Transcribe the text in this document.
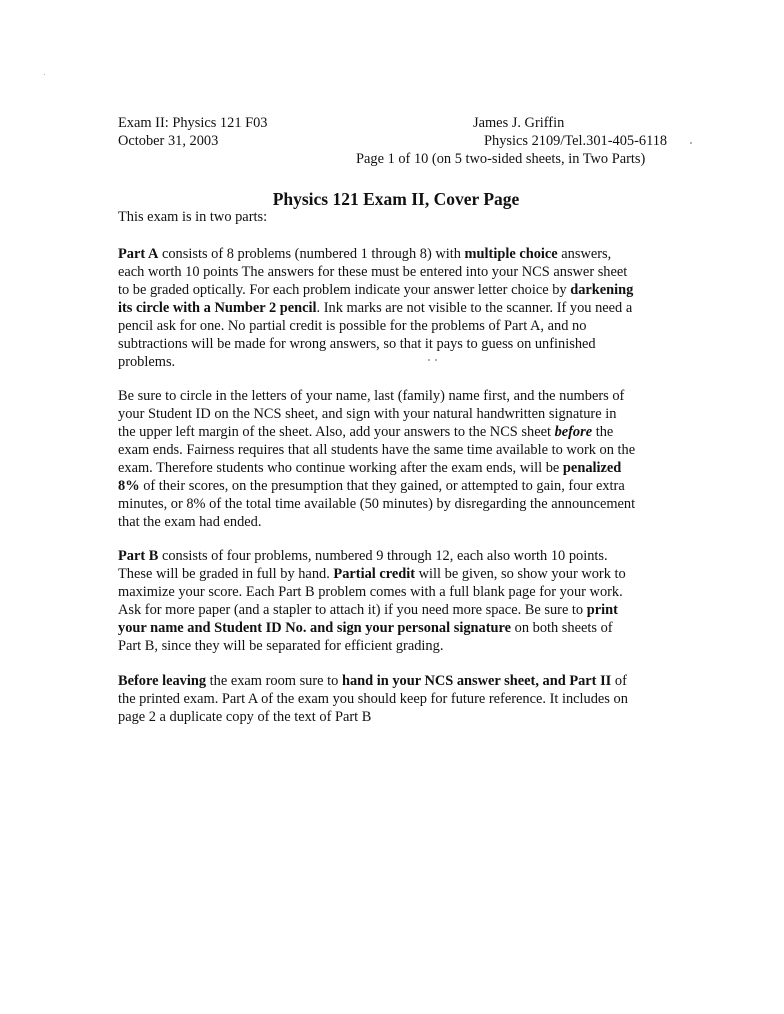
Exam II: Physics 121 F03
October 31, 2003
James J. Griffin
Physics 2109/Tel.301-405-6118
Page 1 of 10 (on 5 two-sided sheets, in Two Parts)
Physics 121 Exam II, Cover Page
This exam is in two parts:
Part A consists of 8 problems (numbered 1 through 8) with multiple choice answers,
each worth 10 points The answers for these must be entered into your NCS answer sheet
to be graded optically. For each problem indicate your answer letter choice by darkening
its circle with a Number 2 pencil. Ink marks are not visible to the scanner. If you need a
pencil ask for one. No partial credit is possible for the problems of Part A, and no
subtractions will be made for wrong answers, so that it pays to guess on unfinished
problems.
Be sure to circle in the letters of your name, last (family) name first, and the numbers of
your Student ID on the NCS sheet, and sign with your natural handwritten signature in
the upper left margin of the sheet. Also, add your answers to the NCS sheet before the
exam ends. Fairness requires that all students have the same time available to work on the
exam. Therefore students who continue working after the exam ends, will be penalized
8% of their scores, on the presumption that they gained, or attempted to gain, four extra
minutes, or 8% of the total time available (50 minutes) by disregarding the announcement
that the exam had ended.
Part B consists of four problems, numbered 9 through 12, each also worth 10 points.
These will be graded in full by hand. Partial credit will be given, so show your work to
maximize your score. Each Part B problem comes with a full blank page for your work.
Ask for more paper (and a stapler to attach it) if you need more space. Be sure to print
your name and Student ID No. and sign your personal signature on both sheets of
Part B, since they will be separated for efficient grading.
Before leaving the exam room sure to hand in your NCS answer sheet, and Part II of
the printed exam. Part A of the exam you should keep for future reference. It includes on
page 2 a duplicate copy of the text of Part B
